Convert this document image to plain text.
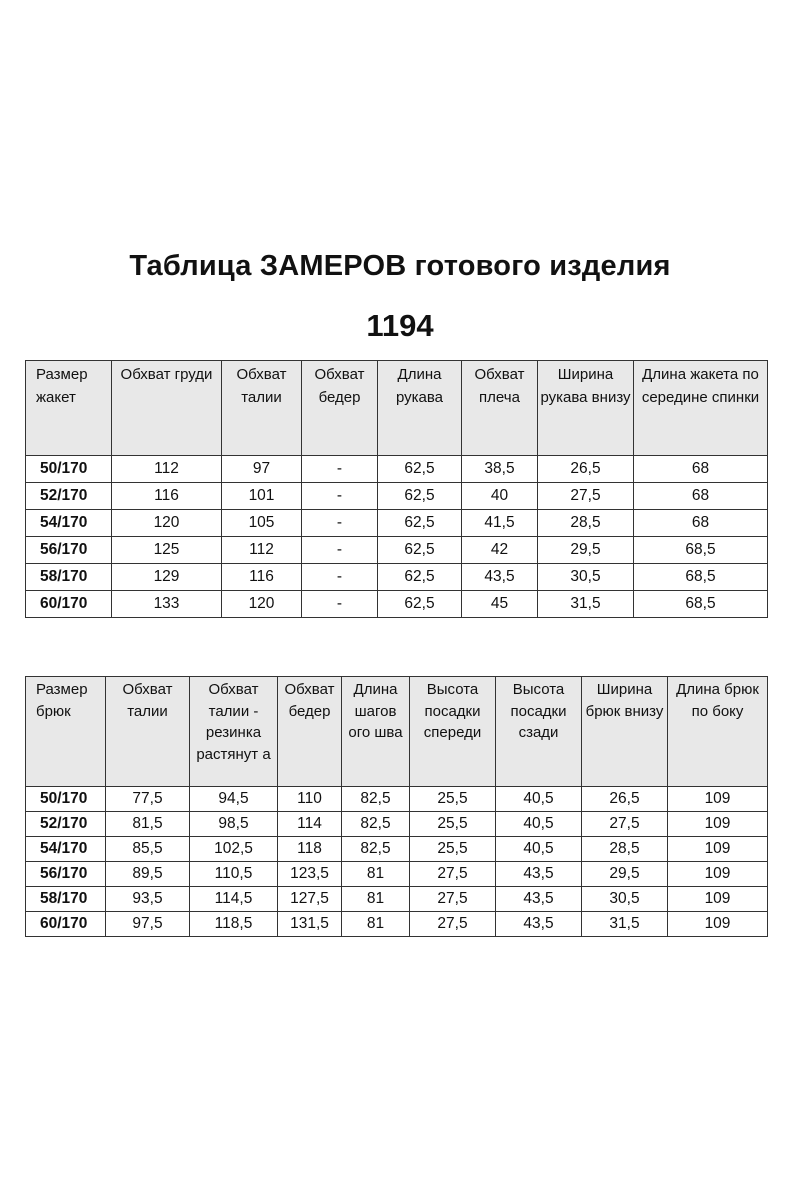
Таблица ЗАМЕРОВ готового изделия
1194
Размер жакет	Обхват груди	Обхват талии	Обхват бедер	Длина рукава	Обхват плеча	Ширина рукава внизу	Длина жакета по середине спинки
50/170	112	97	-	62,5	38,5	26,5	68
52/170	116	101	-	62,5	40	27,5	68
54/170	120	105	-	62,5	41,5	28,5	68
56/170	125	112	-	62,5	42	29,5	68,5
58/170	129	116	-	62,5	43,5	30,5	68,5
60/170	133	120	-	62,5	45	31,5	68,5
Размер брюк	Обхват талии	Обхват талии - резинка растянут а	Обхват бедер	Длина шагов ого шва	Высота посадки спереди	Высота посадки сзади	Ширина брюк внизу	Длина брюк по боку
50/170	77,5	94,5	110	82,5	25,5	40,5	26,5	109
52/170	81,5	98,5	114	82,5	25,5	40,5	27,5	109
54/170	85,5	102,5	118	82,5	25,5	40,5	28,5	109
56/170	89,5	110,5	123,5	81	27,5	43,5	29,5	109
58/170	93,5	114,5	127,5	81	27,5	43,5	30,5	109
60/170	97,5	118,5	131,5	81	27,5	43,5	31,5	109
